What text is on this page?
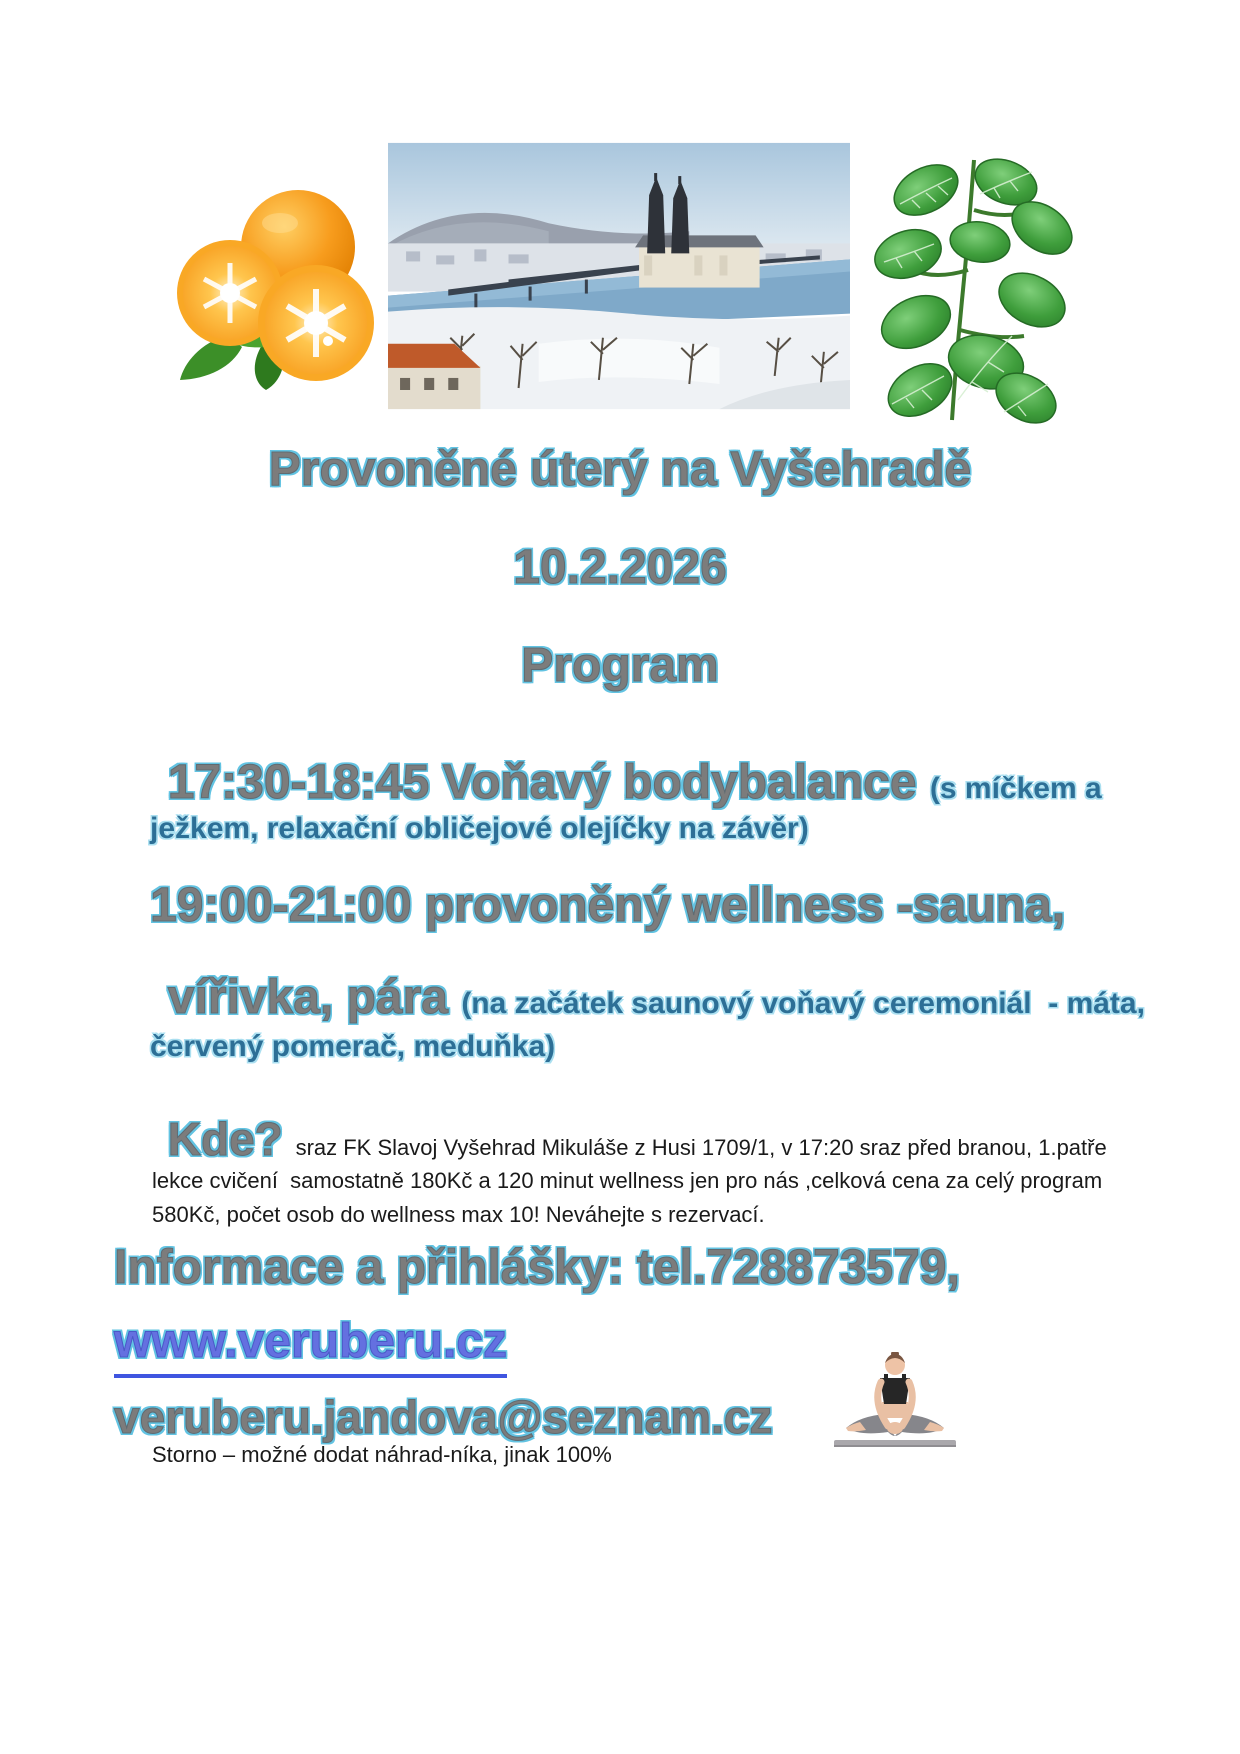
Provoněné úterý na Vyšehradě
10.2.2026
Program

17:30-18:45 Voňavý bodybalance (s míčkem a

ježkem, relaxační obličejové olejíčky na závěr)
19:00-21:00 provoněný wellness -sauna,

vířivka, pára (na začátek saunový voňavý ceremoniál  - máta,

červený pomerač, meduňka)

Kde? sraz FK Slavoj Vyšehrad Mikuláše z Husi 1709/1, v 17:20 sraz před branou, 1.patře

lekce cvičení  samostatně 180Kč a 120 minut wellness jen pro nás ,celková cena za celý program
580Kč, počet osob do wellness max 10! Neváhejte s rezervací.
Informace a přihlášky: tel.728873579,
www.veruberu.cz
veruberu.jandova@seznam.cz
Storno – možné dodat náhrad-níka, jinak 100%
